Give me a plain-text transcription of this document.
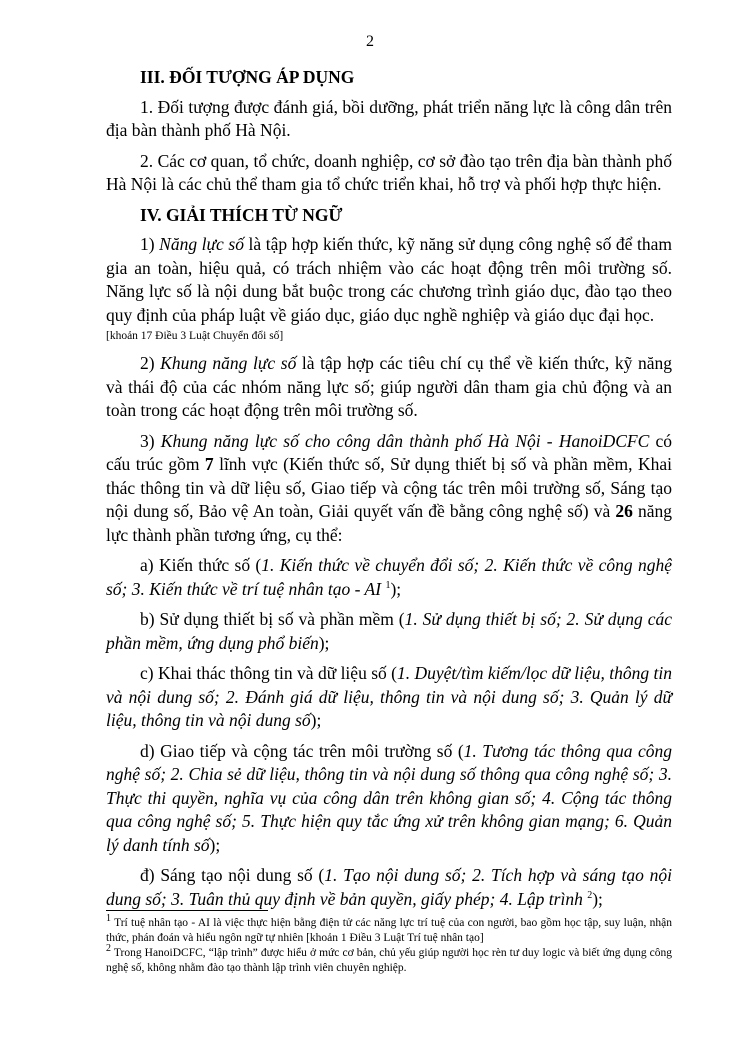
2
III. ĐỐI TƯỢNG ÁP DỤNG

1. Đối tượng được đánh giá, bồi dưỡng, phát triển năng lực là công dân trên địa bàn thành phố Hà Nội.

2. Các cơ quan, tổ chức, doanh nghiệp, cơ sở đào tạo trên địa bàn thành phố Hà Nội là các chủ thể tham gia tổ chức triển khai, hỗ trợ và phối hợp thực hiện.

IV. GIẢI THÍCH TỪ NGỮ

1) Năng lực số là tập hợp kiến thức, kỹ năng sử dụng công nghệ số để tham gia an toàn, hiệu quả, có trách nhiệm vào các hoạt động trên môi trường số. Năng lực số là nội dung bắt buộc trong các chương trình giáo dục, đào tạo theo quy định của pháp luật về giáo dục, giáo dục nghề nghiệp và giáo dục đại học.

[khoản 17 Điều 3 Luật Chuyển đổi số]

2) Khung năng lực số là tập hợp các tiêu chí cụ thể về kiến thức, kỹ năng và thái độ của các nhóm năng lực số; giúp người dân tham gia chủ động và an toàn trong các hoạt động trên môi trường số.

3) Khung năng lực số cho công dân thành phố Hà Nội - HanoiDCFC có cấu trúc gồm 7 lĩnh vực (Kiến thức số, Sử dụng thiết bị số và phần mềm, Khai thác thông tin và dữ liệu số, Giao tiếp và cộng tác trên môi trường số, Sáng tạo nội dung số, Bảo vệ An toàn, Giải quyết vấn đề bằng công nghệ số) và 26 năng lực thành phần tương ứng, cụ thể:

a) Kiến thức số (1. Kiến thức về chuyển đổi số; 2. Kiến thức về công nghệ số; 3. Kiến thức về trí tuệ nhân tạo - AI $^1$);

b) Sử dụng thiết bị số và phần mềm (1. Sử dụng thiết bị số; 2. Sử dụng các phần mềm, ứng dụng phổ biến);

c) Khai thác thông tin và dữ liệu số (1. Duyệt/tìm kiếm/lọc dữ liệu, thông tin và nội dung số; 2. Đánh giá dữ liệu, thông tin và nội dung số; 3. Quản lý dữ liệu, thông tin và nội dung số);

d) Giao tiếp và cộng tác trên môi trường số (1. Tương tác thông qua công nghệ số; 2. Chia sẻ dữ liệu, thông tin và nội dung số thông qua công nghệ số; 3. Thực thi quyền, nghĩa vụ của công dân trên không gian số; 4. Cộng tác thông qua công nghệ số; 5. Thực hiện quy tắc ứng xử trên không gian mạng; 6. Quản lý danh tính số);

đ) Sáng tạo nội dung số (1. Tạo nội dung số; 2. Tích hợp và sáng tạo nội dung số; 3. Tuân thủ quy định về bản quyền, giấy phép; 4. Lập trình $^2$);

$^1$ Trí tuệ nhân tạo - AI là việc thực hiện bằng điện tử các năng lực trí tuệ của con người, bao gồm học tập, suy luận, nhận thức, phán đoán và hiểu ngôn ngữ tự nhiên [khoản 1 Điều 3 Luật Trí tuệ nhân tạo]
$^2$ Trong HanoiDCFC, “lập trình” được hiểu ở mức cơ bản, chủ yếu giúp người học rèn tư duy logic và biết ứng dụng công nghệ số, không nhằm đào tạo thành lập trình viên chuyên nghiệp.
